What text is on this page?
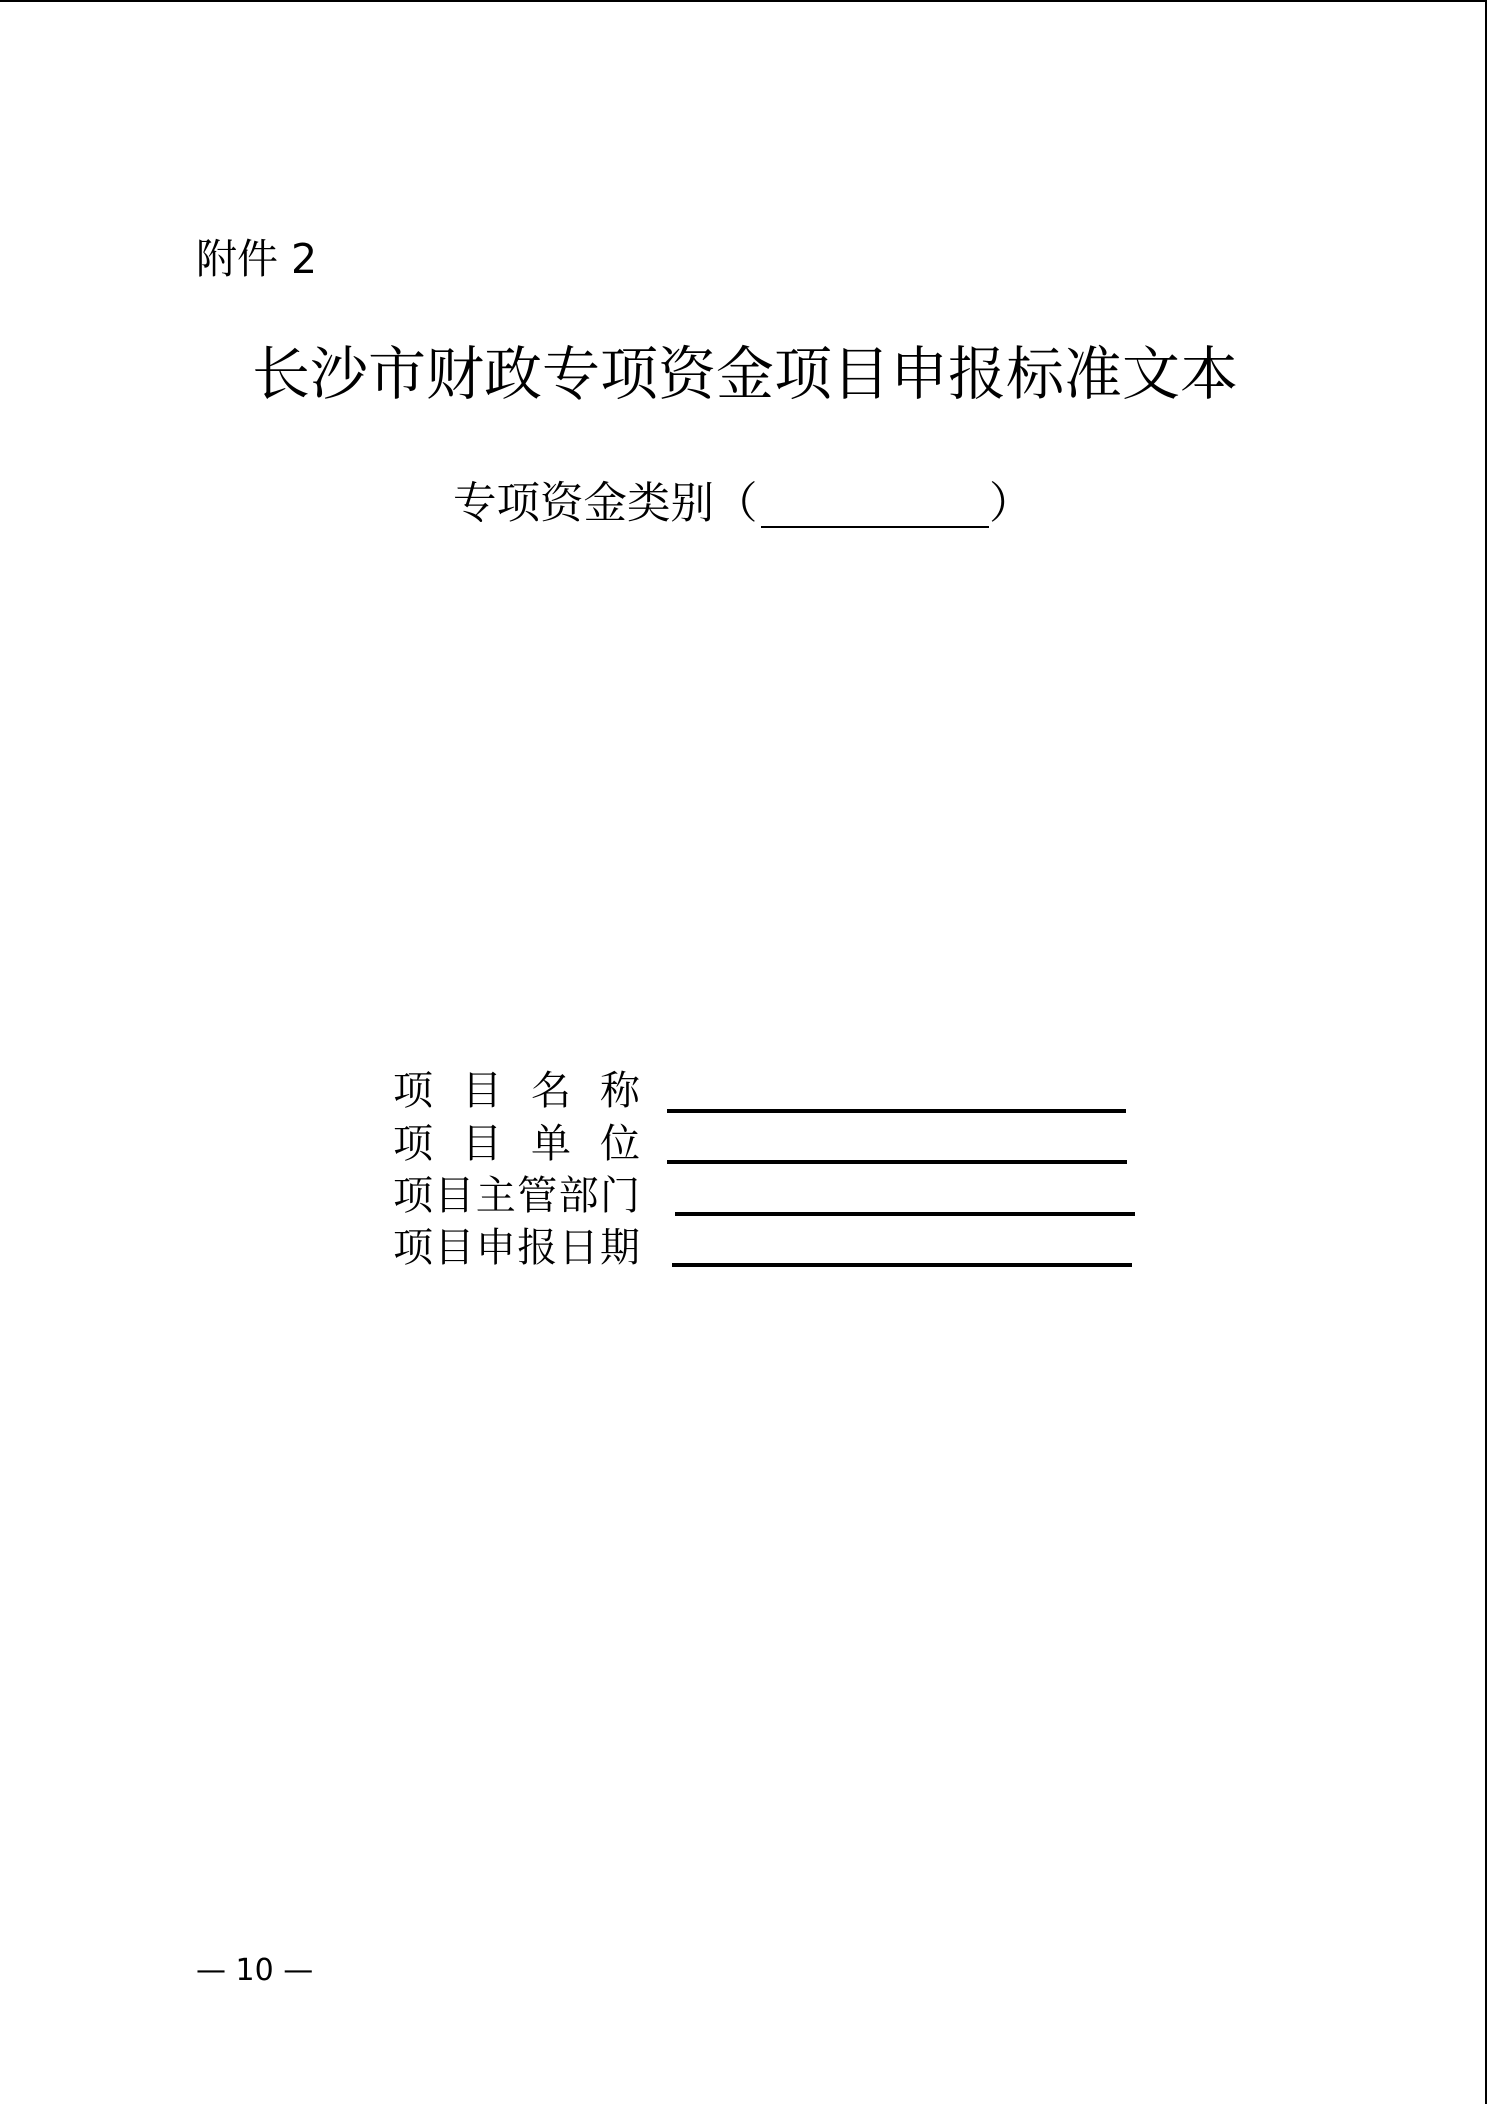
附件 2
长沙市财政专项资金项目申报标准文本
专项资金类别 （	）
项 目 名 称
项 目 单 位
项目主管部门
项目申报日期
— 10 —
